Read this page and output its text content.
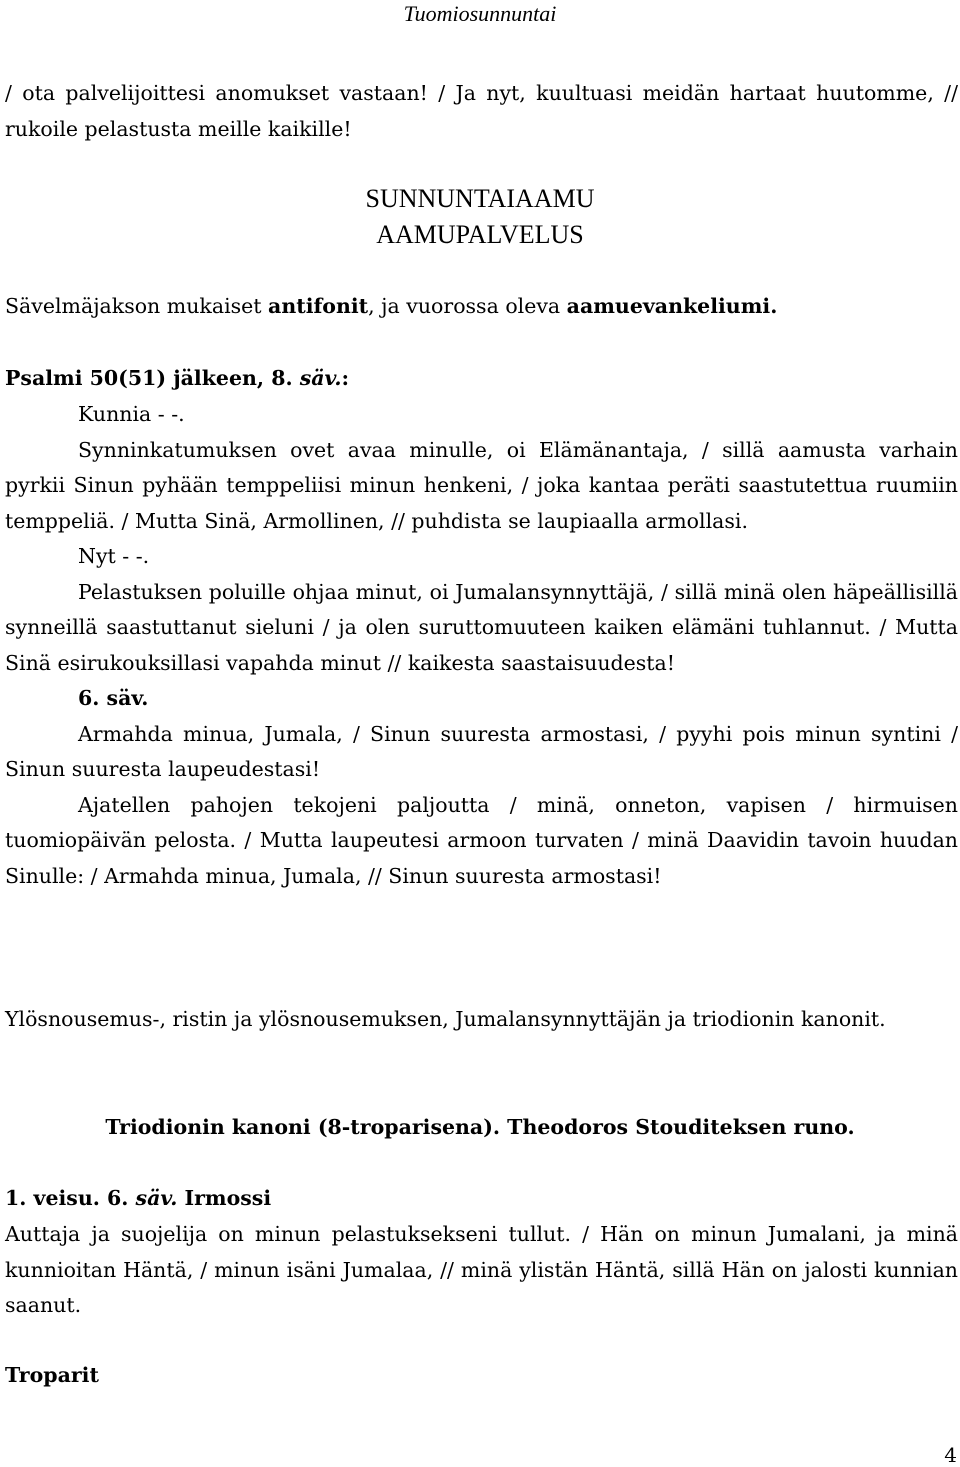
Tuomiosunnuntai

/ ota palvelijoittesi anomukset vastaan! / Ja nyt, kuultuasi meidän hartaat huutomme, // rukoile pelastusta meille kaikille!

SUNNUNTAIAAMU
AAMUPALVELUS

Sävelmäjakson mukaiset antifonit, ja vuorossa oleva aamuevankeliumi.

Psalmi 50(51) jälkeen, 8. säv.:

Kunnia - -.

Synninkatumuksen ovet avaa minulle, oi Elämänantaja, / sillä aamusta varhain pyrkii Sinun pyhään temppeliisi minun henkeni, / joka kantaa peräti saastutettua ruumiin temppeliä. / Mutta Sinä, Armollinen, // puhdista se laupiaalla armollasi.

Nyt - -.

Pelastuksen poluille ohjaa minut, oi Jumalansynnyttäjä, / sillä minä olen häpeällisillä synneillä saastuttanut sieluni / ja olen suruttomuuteen kaiken elämäni tuhlannut. / Mutta Sinä esirukouksillasi vapahda minut // kaikesta saastaisuudesta!

6. säv.

Armahda minua, Jumala, / Sinun suuresta armostasi, / pyyhi pois minun syntini / Sinun suuresta laupeudestasi!

Ajatellen pahojen tekojeni paljoutta / minä, onneton, vapisen / hirmuisen tuomiopäivän pelosta. / Mutta laupeutesi armoon turvaten / minä Daavidin tavoin huudan Sinulle: / Armahda minua, Jumala, // Sinun suuresta armostasi!

Ylösnousemus-, ristin ja ylösnousemuksen, Jumalansynnyttäjän ja triodionin kanonit.

Triodionin kanoni (8-troparisena). Theodoros Stouditeksen runo.

1. veisu. 6. säv. Irmossi

Auttaja ja suojelija on minun pelastuksekseni tullut. / Hän on minun Jumalani, ja minä kunnioitan Häntä, / minun isäni Jumalaa, // minä ylistän Häntä, sillä Hän on jalosti kunnian saanut.

Troparit

4
